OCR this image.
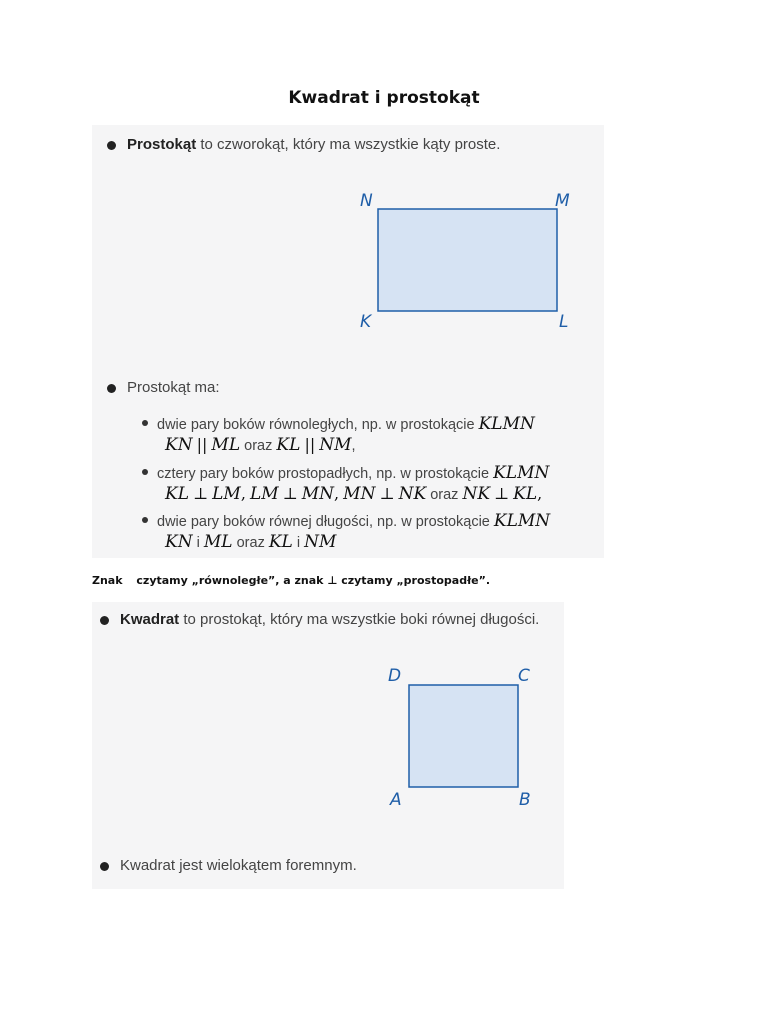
Kwadrat i prostokąt
Prostokąt to czworokąt, który ma wszystkie kąty proste.
N	M
K	L
Prostokąt ma:
dwie pary boków równoległych, np. w prostokącie KLMN
KN || ML oraz KL || NM,
cztery pary boków prostopadłych, np. w prostokącie KLMN
KL ⊥ LM, LM ⊥ MN, MN ⊥ NK oraz NK ⊥ KL,
dwie pary boków równej długości, np. w prostokącie KLMN
KN i ML oraz KL i NM
Znak czytamy „równoległe”, a znak ⊥ czytamy „prostopadłe”.
Kwadrat to prostokąt, który ma wszystkie boki równej długości.
D	C
A	B
Kwadrat jest wielokątem foremnym.
